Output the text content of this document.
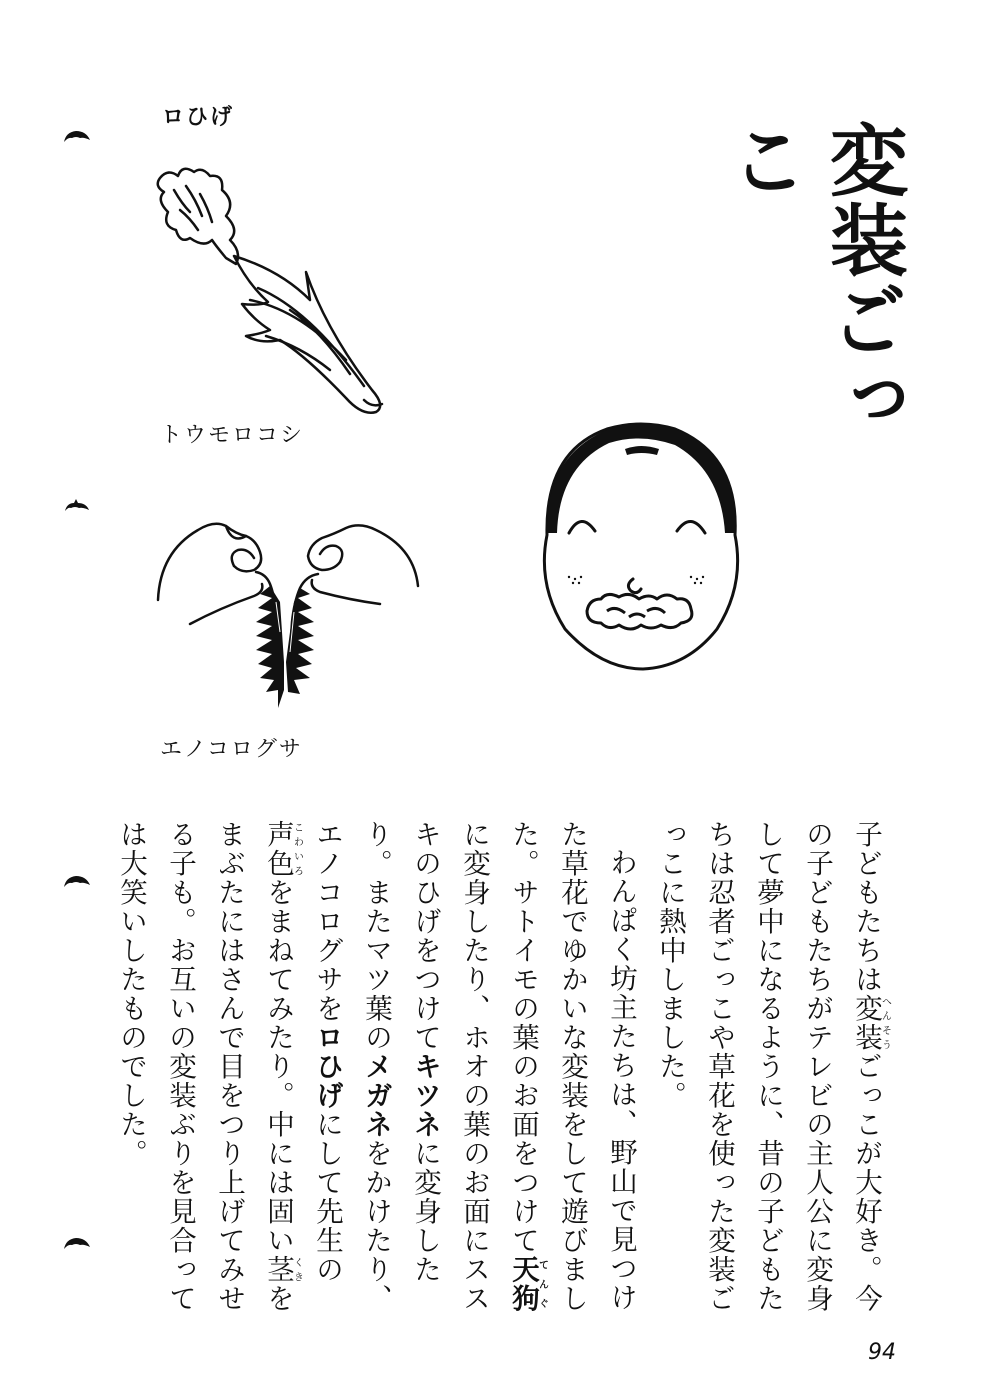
ロひげ
トウモロコシ
エノコログサ
変装ごっこ

子どもたちは変装へんそうごっこが大好き。今の子どもたちがテレビの主人公に変身して夢中になるように、昔の子どもたちは忍者ごっこや草花を使った変装ごっこに熱中しました。

わんぱく坊主たちは、野山で見つけた草花でゆかいな変装をして遊びました。サトイモの葉のお面をつけて天狗てんぐに変身したり、ホオの葉のお面にススキのひげをつけてキツネに変身したり。またマツ葉のメガネをかけたり、エノコログサをロひげにして先生の声色こわいろをまねてみたり。中には固い茎くきをまぶたにはさんで目をつり上げてみせる子も。お互いの変装ぶりを見合っては大笑いしたものでした。

94
